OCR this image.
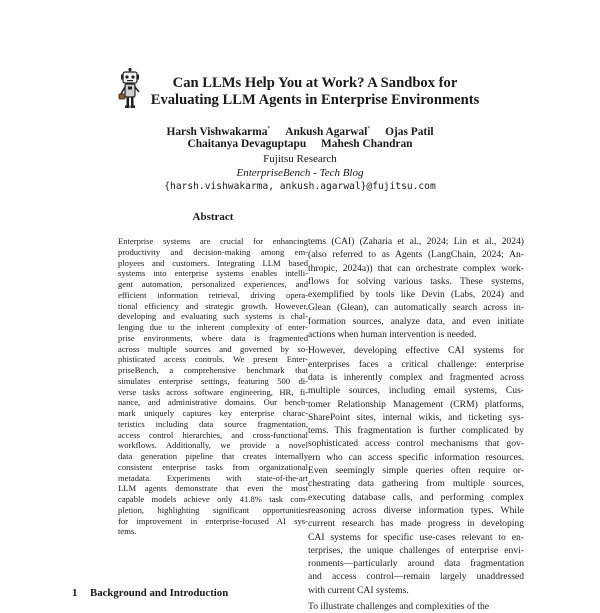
Can LLMs Help You at Work? A Sandbox for
Evaluating LLM Agents in Enterprise Environments
Harsh Vishwakarma* Ankush Agarwal* Ojas Patil
Chaitanya Devaguptapu Mahesh Chandran
Fujitsu Research
EnterpriseBench - Tech Blog
{harsh.vishwakarma, ankush.agarwal}@fujitsu.com
Abstract
Enterprise systems are crucial for enhancing
productivity and decision-making among em-
ployees and customers. Integrating LLM based
systems into enterprise systems enables intelli-
gent automation, personalized experiences, and
efficient information retrieval, driving opera-
tional efficiency and strategic growth. However,
developing and evaluating such systems is chal-
lenging due to the inherent complexity of enter-
prise environments, where data is fragmented
across multiple sources and governed by so-
phisticated access controls. We present Enter-
priseBench, a comprehensive benchmark that
simulates enterprise settings, featuring 500 di-
verse tasks across software engineering, HR, fi-
nance, and administrative domains. Our bench-
mark uniquely captures key enterprise charac-
teristics including data source fragmentation,
access control hierarchies, and cross-functional
workflows. Additionally, we provide a novel
data generation pipeline that creates internally
consistent enterprise tasks from organizational
metadata. Experiments with state-of-the-art
LLM agents demonstrate that even the most
capable models achieve only 41.8% task com-
pletion, highlighting significant opportunities
for improvement in enterprise-focused AI sys-
tems.
1 Background and Introduction
tems (CAI) (Zaharia et al., 2024; Lin et al., 2024)
(also referred to as Agents (LangChain, 2024; An-
thropic, 2024a)) that can orchestrate complex work-
flows for solving various tasks. These systems,
exemplified by tools like Devin (Labs, 2024) and
Glean (Glean), can automatically search across in-
formation sources, analyze data, and even initiate
actions when human intervention is needed.
However, developing effective CAI systems for
enterprises faces a critical challenge: enterprise
data is inherently complex and fragmented across
multiple sources, including email systems, Cus-
tomer Relationship Management (CRM) platforms,
SharePoint sites, internal wikis, and ticketing sys-
tems. This fragmentation is further complicated by
sophisticated access control mechanisms that gov-
ern who can access specific information resources.
Even seemingly simple queries often require or-
chestrating data gathering from multiple sources,
executing database calls, and performing complex
reasoning across diverse information types. While
current research has made progress in developing
CAI systems for specific use-cases relevant to en-
terprises, the unique challenges of enterprise envi-
ronments—particularly around data fragmentation
and access control—remain largely unaddressed
with current CAI systems.
To illustrate challenges and complexities of the
